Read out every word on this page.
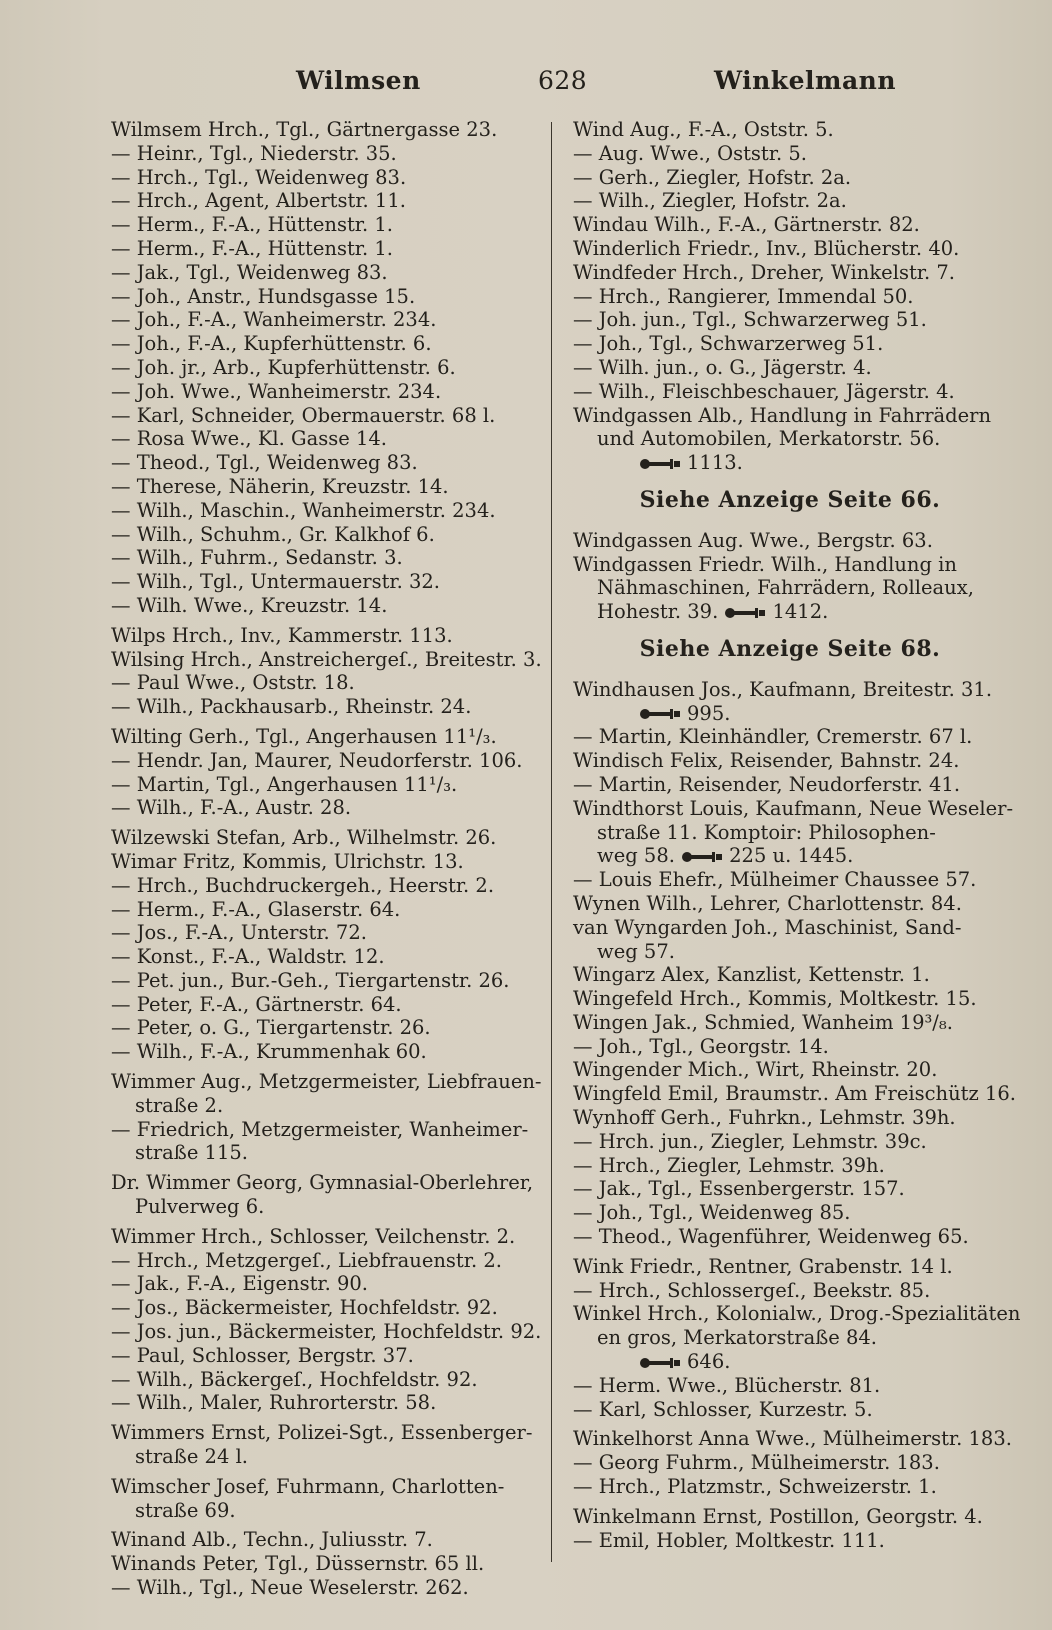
Wilmsen	628	Winkelmann
Wilmsem Hrch., Tgl., Gärtnergasse 23.
— Heinr., Tgl., Niederstr. 35.
— Hrch., Tgl., Weidenweg 83.
— Hrch., Agent, Albertstr. 11.
— Herm., F.-A., Hüttenstr. 1.
— Herm., F.-A., Hüttenstr. 1.
— Jak., Tgl., Weidenweg 83.
— Joh., Anstr., Hundsgasse 15.
— Joh., F.-A., Wanheimerstr. 234.
— Joh., F.-A., Kupferhüttenstr. 6.
— Joh. jr., Arb., Kupferhüttenstr. 6.
— Joh. Wwe., Wanheimerstr. 234.
— Karl, Schneider, Obermauerstr. 68 l.
— Rosa Wwe., Kl. Gasse 14.
— Theod., Tgl., Weidenweg 83.
— Therese, Näherin, Kreuzstr. 14.
— Wilh., Maschin., Wanheimerstr. 234.
— Wilh., Schuhm., Gr. Kalkhof 6.
— Wilh., Fuhrm., Sedanstr. 3.
— Wilh., Tgl., Untermauerstr. 32.
— Wilh. Wwe., Kreuzstr. 14.
Wilps Hrch., Inv., Kammerstr. 113.
Wilsing Hrch., Anstreichergeſ., Breitestr. 3.
— Paul Wwe., Oststr. 18.
— Wilh., Packhausarb., Rheinstr. 24.
Wilting Gerh., Tgl., Angerhausen 11¹/₃.
— Hendr. Jan, Maurer, Neudorferstr. 106.
— Martin, Tgl., Angerhausen 11¹/₃.
— Wilh., F.-A., Austr. 28.
Wilzewski Stefan, Arb., Wilhelmstr. 26.
Wimar Fritz, Kommis, Ulrichstr. 13.
— Hrch., Buchdruckergeh., Heerstr. 2.
— Herm., F.-A., Glaserstr. 64.
— Jos., F.-A., Unterstr. 72.
— Konst., F.-A., Waldstr. 12.
— Pet. jun., Bur.-Geh., Tiergartenstr. 26.
— Peter, F.-A., Gärtnerstr. 64.
— Peter, o. G., Tiergartenstr. 26.
— Wilh., F.-A., Krummenhak 60.
Wimmer Aug., Metzgermeister, Liebfrauen-
straße 2.
— Friedrich, Metzgermeister, Wanheimer-
straße 115.
Dr. Wimmer Georg, Gymnasial-Oberlehrer,
Pulverweg 6.
Wimmer Hrch., Schlosser, Veilchenstr. 2.
— Hrch., Metzgergeſ., Liebfrauenstr. 2.
— Jak., F.-A., Eigenstr. 90.
— Jos., Bäckermeister, Hochfeldstr. 92.
— Jos. jun., Bäckermeister, Hochfeldstr. 92.
— Paul, Schlosser, Bergstr. 37.
— Wilh., Bäckergeſ., Hochfeldstr. 92.
— Wilh., Maler, Ruhrorterstr. 58.
Wimmers Ernst, Polizei-Sgt., Essenberger-
straße 24 l.
Wimscher Josef, Fuhrmann, Charlotten-
straße 69.
Winand Alb., Techn., Juliusstr. 7.
Winands Peter, Tgl., Düssernstr. 65 ll.
— Wilh., Tgl., Neue Weselerstr. 262.
Wind Aug., F.-A., Oststr. 5.
— Aug. Wwe., Oststr. 5.
— Gerh., Ziegler, Hofstr. 2a.
— Wilh., Ziegler, Hofstr. 2a.
Windau Wilh., F.-A., Gärtnerstr. 82.
Winderlich Friedr., Inv., Blücherstr. 40.
Windfeder Hrch., Dreher, Winkelstr. 7.
— Hrch., Rangierer, Immendal 50.
— Joh. jun., Tgl., Schwarzerweg 51.
— Joh., Tgl., Schwarzerweg 51.
— Wilh. jun., o. G., Jägerstr. 4.
— Wilh., Fleischbeschauer, Jägerstr. 4.
Windgassen Alb., Handlung in Fahrrädern
und Automobilen, Merkatorstr. 56.
1113.
Siehe Anzeige Seite 66.
Windgassen Aug. Wwe., Bergstr. 63.
Windgassen Friedr. Wilh., Handlung in
Nähmaschinen, Fahrrädern, Rolleaux,
Hohestr. 39.
1412.
Siehe Anzeige Seite 68.
Windhausen Jos., Kaufmann, Breitestr. 31.
995.
— Martin, Kleinhändler, Cremerstr. 67 l.
Windisch Felix, Reisender, Bahnstr. 24.
— Martin, Reisender, Neudorferstr. 41.
Windthorst Louis, Kaufmann, Neue Weseler-
straße 11. Komptoir: Philosophen-
weg 58.
225 u. 1445.
— Louis Ehefr., Mülheimer Chaussee 57.
Wynen Wilh., Lehrer, Charlottenstr. 84.
van Wyngarden Joh., Maschinist, Sand-
weg 57.
Wingarz Alex, Kanzlist, Kettenstr. 1.
Wingefeld Hrch., Kommis, Moltkestr. 15.
Wingen Jak., Schmied, Wanheim 19³/₈.
— Joh., Tgl., Georgstr. 14.
Wingender Mich., Wirt, Rheinstr. 20.
Wingfeld Emil, Braumstr.. Am Freischütz 16.
Wynhoff Gerh., Fuhrkn., Lehmstr. 39h.
— Hrch. jun., Ziegler, Lehmstr. 39c.
— Hrch., Ziegler, Lehmstr. 39h.
— Jak., Tgl., Essenbergerstr. 157.
— Joh., Tgl., Weidenweg 85.
— Theod., Wagenführer, Weidenweg 65.
Wink Friedr., Rentner, Grabenstr. 14 l.
— Hrch., Schlossergeſ., Beekstr. 85.
Winkel Hrch., Kolonialw., Drog.-Spezialitäten
en gros, Merkatorstraße 84.
646.
— Herm. Wwe., Blücherstr. 81.
— Karl, Schlosser, Kurzestr. 5.
Winkelhorst Anna Wwe., Mülheimerstr. 183.
— Georg Fuhrm., Mülheimerstr. 183.
— Hrch., Platzmstr., Schweizerstr. 1.
Winkelmann Ernst, Postillon, Georgstr. 4.
— Emil, Hobler, Moltkestr. 111.
